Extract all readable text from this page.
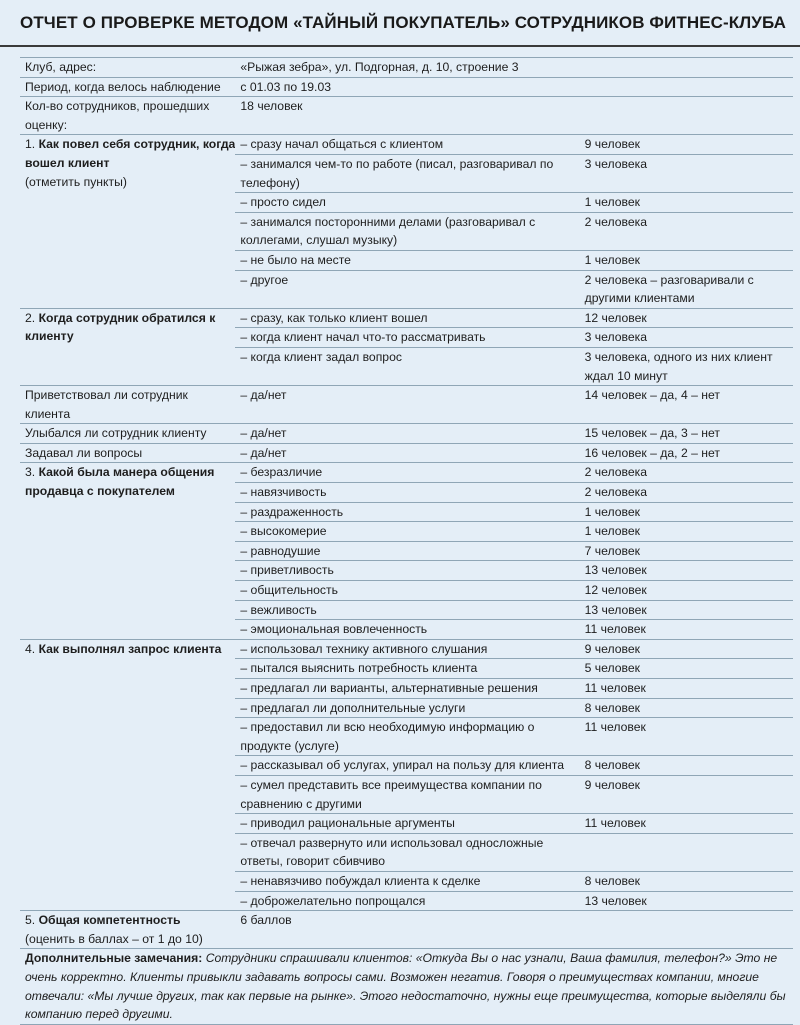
ОТЧЕТ О ПРОВЕРКЕ МЕТОДОМ «ТАЙНЫЙ ПОКУПАТЕЛЬ» СОТРУДНИКОВ ФИТНЕС-КЛУБА
Клуб, адрес:	«Рыжая зебра», ул. Подгорная, д. 10, строение 3	
Период, когда велось наблюдение	с 01.03 по 19.03	
Кол-во сотрудников, прошедших оценку:	18 человек	
1. Как повел себя сотрудник, когда вошел клиент
(отметить пункты)	– сразу начал общаться с клиентом	9 человек
	– занимался чем-то по работе (писал, разговаривал по телефону)	3 человека
	– просто сидел	1 человек
	– занимался посторонними делами (разговаривал с коллегами, слушал музыку)	2 человека
	– не было на месте	1 человек
	– другое	2 человека – разговаривали с другими клиентами
2. Когда сотрудник обратился к клиенту	– сразу, как только клиент вошел	12 человек
	– когда клиент начал что-то рассматривать	3 человека
	– когда клиент задал вопрос	3 человека, одного из них клиент ждал 10 минут
Приветствовал ли сотрудник клиента	– да/нет	14 человек – да, 4 – нет
Улыбался ли сотрудник клиенту	– да/нет	15 человек – да, 3 – нет
Задавал ли вопросы	– да/нет	16 человек – да, 2 – нет
3. Какой была манера общения продавца с покупателем	– безразличие	2 человека
	– навязчивость	2 человека
	– раздраженность	1 человек
	– высокомерие	1 человек
	– равнодушие	7 человек
	– приветливость	13 человек
	– общительность	12 человек
	– вежливость	13 человек
	– эмоциональная вовлеченность	11 человек
4. Как выполнял запрос клиента	– использовал технику активного слушания	9 человек
	– пытался выяснить потребность клиента	5 человек
	– предлагал ли варианты, альтернативные решения	11 человек
	– предлагал ли дополнительные услуги	8 человек
	– предоставил ли всю необходимую информацию о продукте (услуге)	11 человек
	– рассказывал об услугах, упирал на пользу для клиента	8 человек
	– сумел представить все преимущества компании по сравнению с другими	9 человек
	– приводил рациональные аргументы	11 человек
	– отвечал развернуто или использовал односложные ответы, говорит сбивчиво	
	– ненавязчиво побуждал клиента к сделке	8 человек
	– доброжелательно попрощался	13 человек
5. Общая компетентность
(оценить в баллах – от 1 до 10)	6 баллов	
Дополнительные замечания: Сотрудники спрашивали клиентов: «Откуда Вы о нас узнали, Ваша фамилия, телефон?» Это не очень корректно. Клиенты привыкли задавать вопросы сами. Возможен негатив. Говоря о преимуществах компании, многие отвечали: «Мы лучше других, так как первые на рынке». Этого недостаточно, нужны еще преимущества, которые выделяли бы компанию перед другими.		
